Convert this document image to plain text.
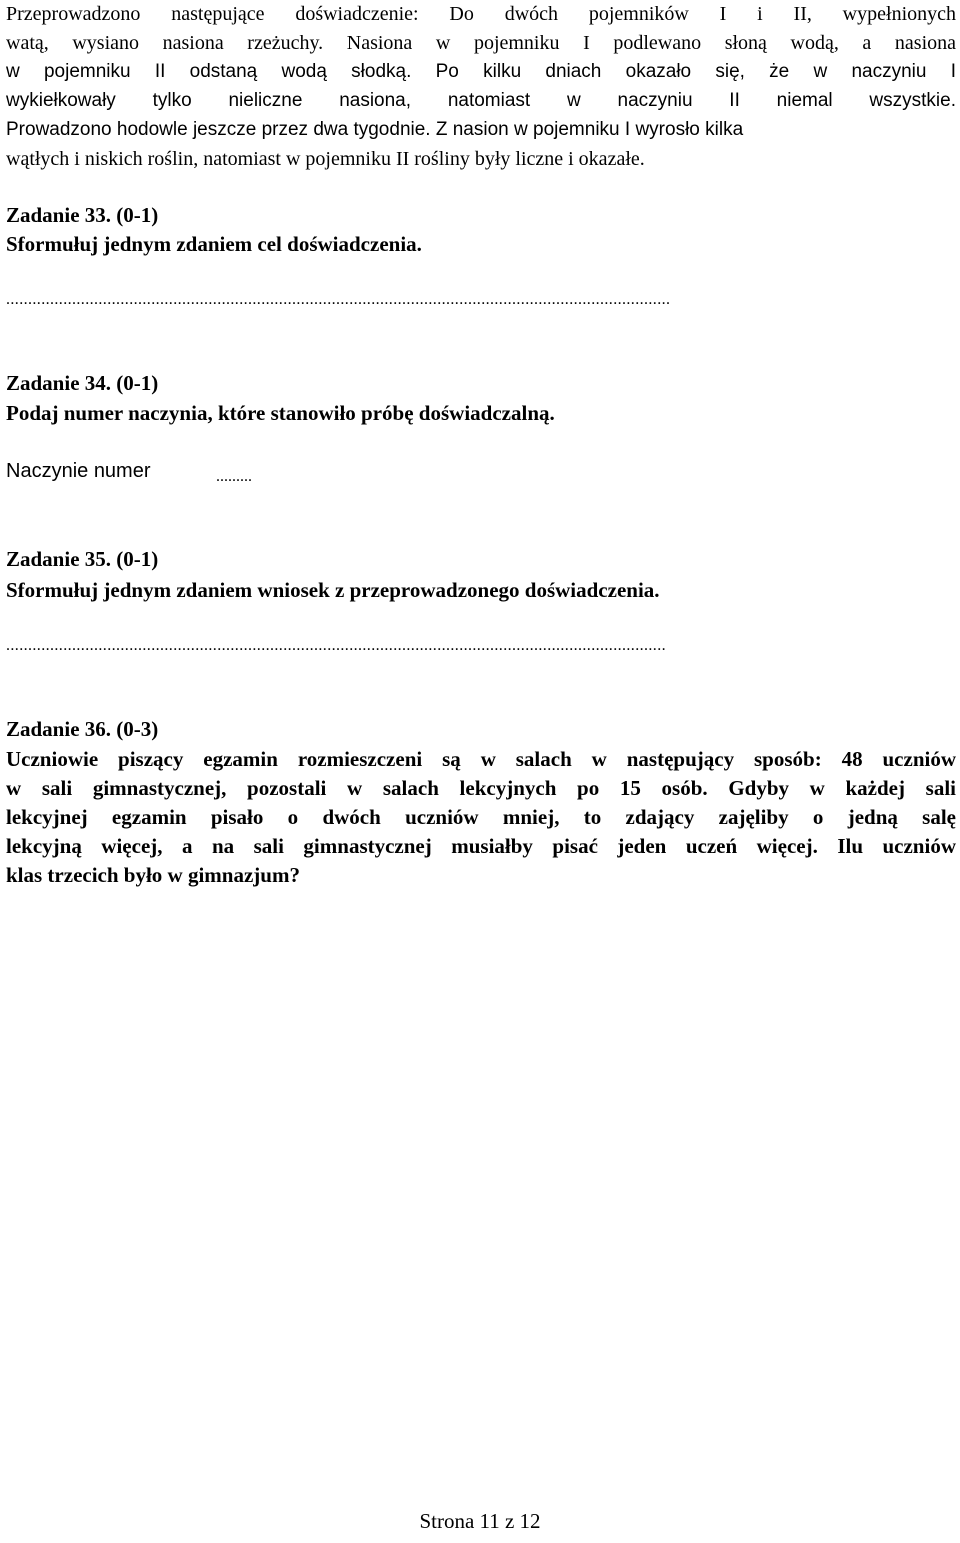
Przeprowadzono następujące doświadczenie: Do dwóch pojemników I i II, wypełnionych
watą, wysiano nasiona rzeżuchy. Nasiona w pojemniku I podlewano słoną wodą, a nasiona
w pojemniku II odstaną wodą słodką. Po kilku dniach okazało się, że w naczyniu I
wykiełkowały tylko nieliczne nasiona, natomiast w naczyniu II niemal wszystkie.
Prowadzono hodowle jeszcze przez dwa tygodnie. Z nasion w pojemniku I wyrosło kilka
wątłych i niskich roślin, natomiast w pojemniku II rośliny były liczne i okazałe.
Zadanie 33. (0-1)
Sformułuj jednym zdaniem cel doświadczenia.
.......................................................................................................................................................
Zadanie 34. (0-1)
Podaj numer naczynia, które stanowiło próbę doświadczalną.
Naczynie numer	.........
Zadanie 35. (0-1)
Sformułuj jednym zdaniem wniosek z przeprowadzonego doświadczenia.
......................................................................................................................................................
Zadanie 36. (0-3)
Uczniowie piszący egzamin rozmieszczeni są w salach w następujący sposób: 48 uczniów
w sali gimnastycznej, pozostali w salach lekcyjnych po 15 osób. Gdyby w każdej sali
lekcyjnej egzamin pisało o dwóch uczniów mniej, to zdający zajęliby o jedną salę
lekcyjną więcej, a na sali gimnastycznej musiałby pisać jeden uczeń więcej. Ilu uczniów
klas trzecich było w gimnazjum?
Strona 11 z 12
